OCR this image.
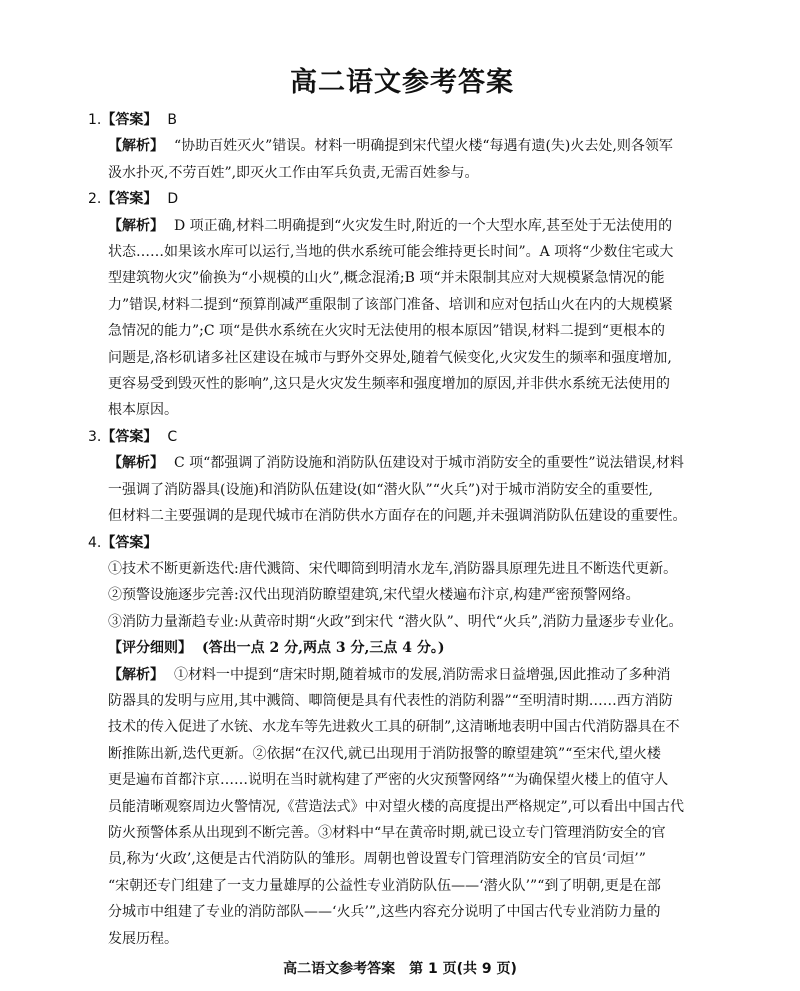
高二语文参考答案

1.【答案】 B

【解析】 “协助百姓灭火”错误。材料一明确提到宋代望火楼“每遇有遗(失)火去处,则各领军

汲水扑灭,不劳百姓”,即灭火工作由军兵负责,无需百姓参与。

2.【答案】 D

【解析】 D 项正确,材料二明确提到“火灾发生时,附近的一个大型水库,甚至处于无法使用的

状态……如果该水库可以运行,当地的供水系统可能会维持更长时间”。A 项将“少数住宅或大

型建筑物火灾”偷换为“小规模的山火”,概念混淆;B 项“并未限制其应对大规模紧急情况的能

力”错误,材料二提到“预算削减严重限制了该部门准备、培训和应对包括山火在内的大规模紧

急情况的能力”;C 项“是供水系统在火灾时无法使用的根本原因”错误,材料二提到“更根本的

问题是,洛杉矶诸多社区建设在城市与野外交界处,随着气候变化,火灾发生的频率和强度增加,

更容易受到毁灭性的影响”,这只是火灾发生频率和强度增加的原因,并非供水系统无法使用的

根本原因。

3.【答案】 C

【解析】 C 项“都强调了消防设施和消防队伍建设对于城市消防安全的重要性”说法错误,材料

一强调了消防器具(设施)和消防队伍建设(如“潜火队”“火兵”)对于城市消防安全的重要性,

但材料二主要强调的是现代城市在消防供水方面存在的问题,并未强调消防队伍建设的重要性。

4.【答案】

①技术不断更新迭代:唐代溅筒、宋代唧筒到明清水龙车,消防器具原理先进且不断迭代更新。

②预警设施逐步完善:汉代出现消防瞭望建筑,宋代望火楼遍布汴京,构建严密预警网络。

③消防力量渐趋专业:从黄帝时期“火政”到宋代 “潜火队”、明代“火兵”,消防力量逐步专业化。

【评分细则】 (答出一点 2 分,两点 3 分,三点 4 分。)

【解析】 ①材料一中提到“唐宋时期,随着城市的发展,消防需求日益增强,因此推动了多种消

防器具的发明与应用,其中溅筒、唧筒便是具有代表性的消防利器”“至明清时期……西方消防

技术的传入促进了水铳、水龙车等先进救火工具的研制”,这清晰地表明中国古代消防器具在不

断推陈出新,迭代更新。②依据“在汉代,就已出现用于消防报警的瞭望建筑”“至宋代,望火楼

更是遍布首都汴京……说明在当时就构建了严密的火灾预警网络”“为确保望火楼上的值守人

员能清晰观察周边火警情况,《营造法式》中对望火楼的高度提出严格规定”,可以看出中国古代

防火预警体系从出现到不断完善。③材料中“早在黄帝时期,就已设立专门管理消防安全的官

员,称为‘火政’,这便是古代消防队的雏形。周朝也曾设置专门管理消防安全的官员‘司烜’”

“宋朝还专门组建了一支力量雄厚的公益性专业消防队伍——‘潜火队’”“到了明朝,更是在部

分城市中组建了专业的消防部队——‘火兵’”,这些内容充分说明了中国古代专业消防力量的

发展历程。

高二语文参考答案　第 1 页(共 9 页)
